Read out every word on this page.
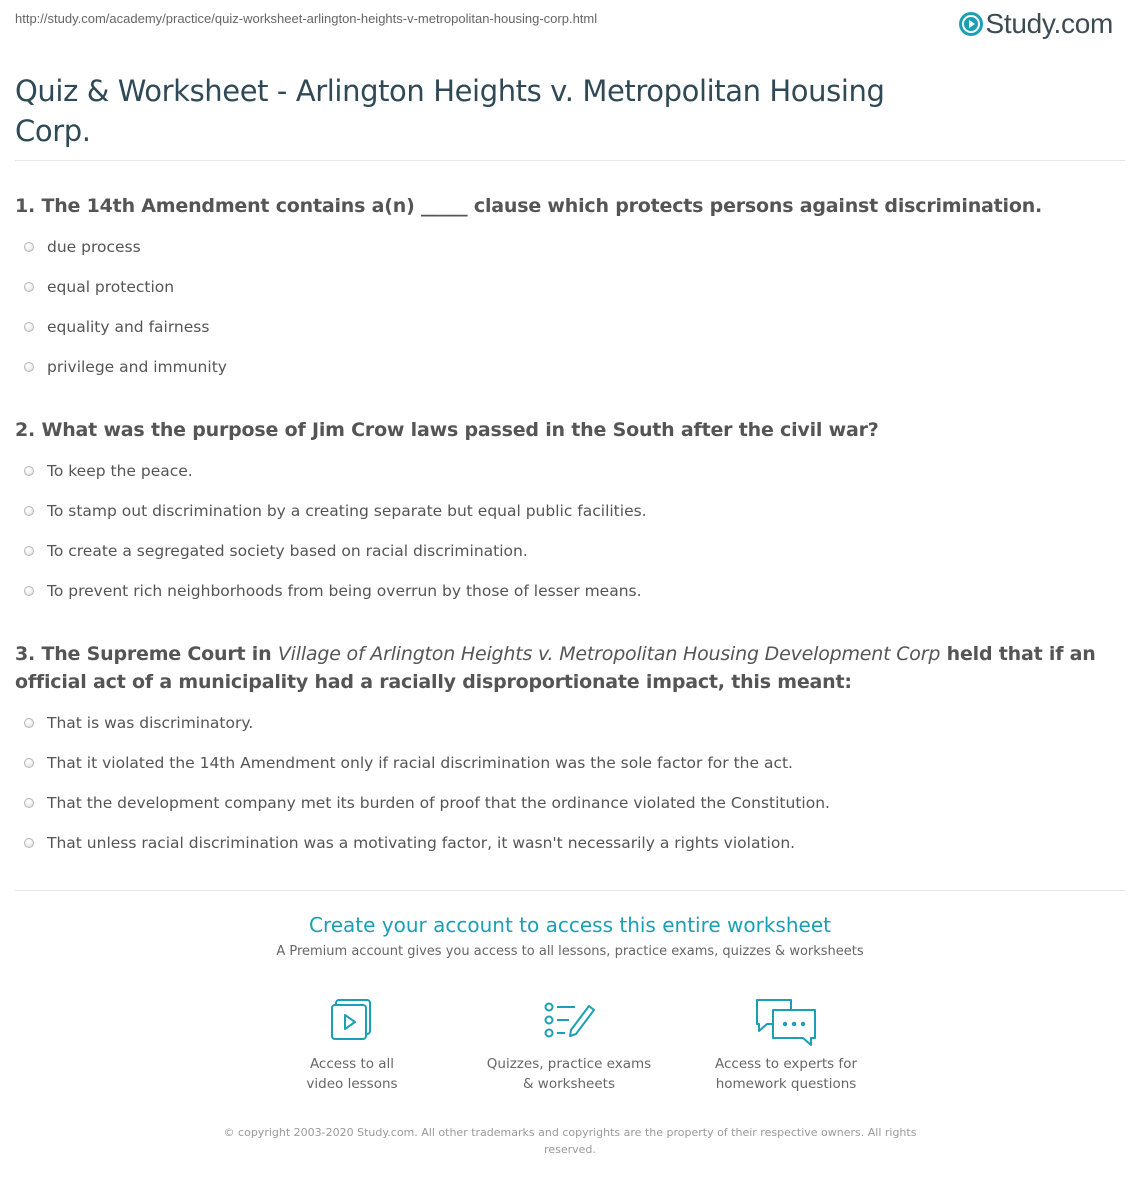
http://study.com/academy/practice/quiz-worksheet-arlington-heights-v-metropolitan-housing-corp.html	Study.com
Quiz & Worksheet - Arlington Heights v. Metropolitan Housing Corp.
1. The 14th Amendment contains a(n) _____ clause which protects persons against discrimination.
due process
equal protection
equality and fairness
privilege and immunity
2. What was the purpose of Jim Crow laws passed in the South after the civil war?
To keep the peace.
To stamp out discrimination by a creating separate but equal public facilities.
To create a segregated society based on racial discrimination.
To prevent rich neighborhoods from being overrun by those of lesser means.
3. The Supreme Court in Village of Arlington Heights v. Metropolitan Housing Development Corp held that if an official act of a municipality had a racially disproportionate impact, this meant:
That is was discriminatory.
That it violated the 14th Amendment only if racial discrimination was the sole factor for the act.
That the development company met its burden of proof that the ordinance violated the Constitution.
That unless racial discrimination was a motivating factor, it wasn't necessarily a rights violation.
Create your account to access this entire worksheet
A Premium account gives you access to all lessons, practice exams, quizzes & worksheets
Access to all
video lessons
Quizzes, practice exams
& worksheets
Access to experts for
homework questions
© copyright 2003-2020 Study.com. All other trademarks and copyrights are the property of their respective owners. All rights reserved.
